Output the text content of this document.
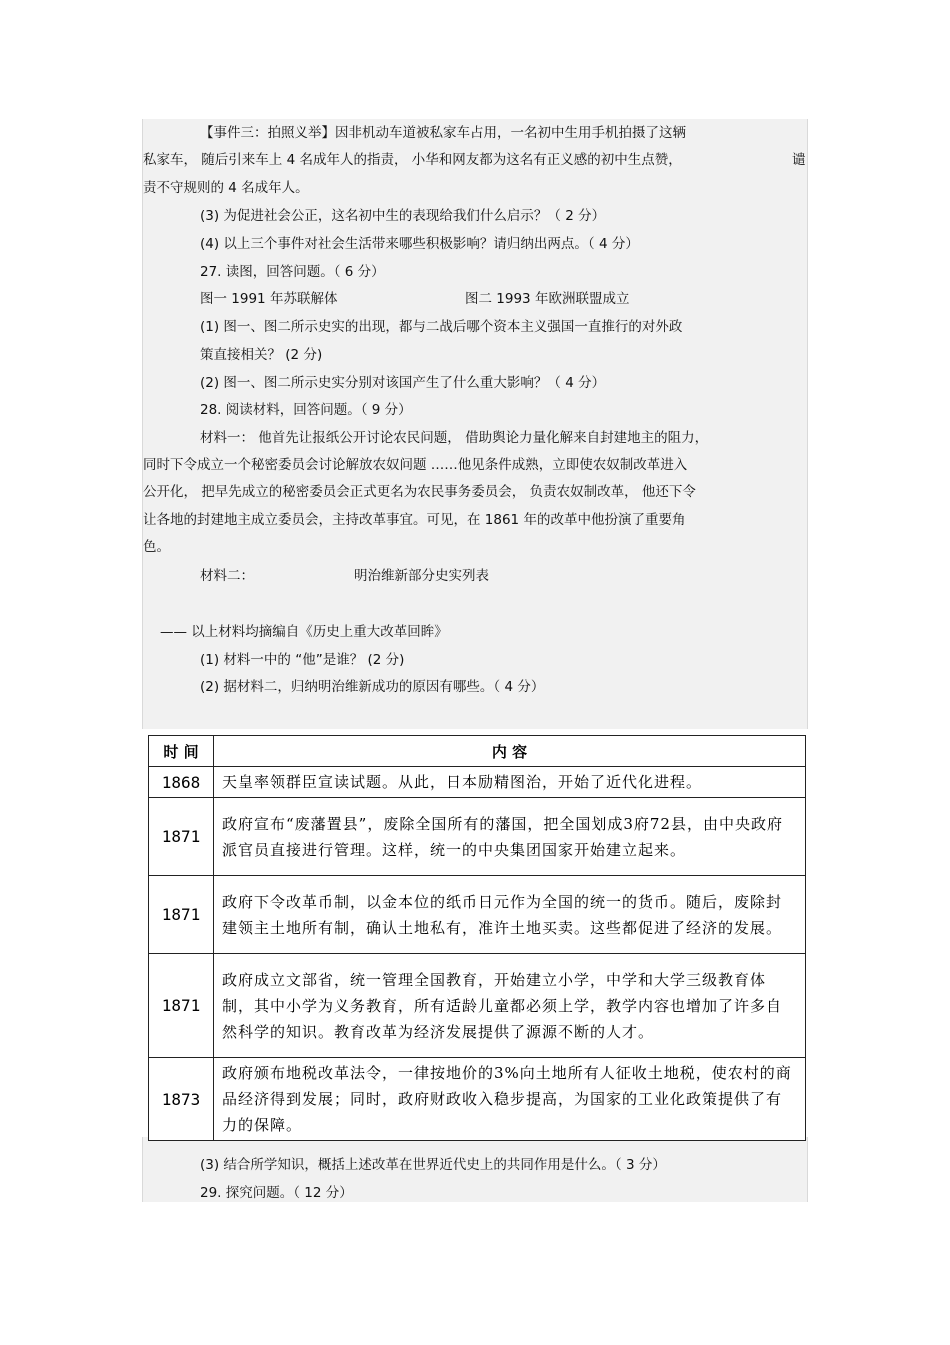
【事件三：拍照义举】因非机动车道被私家车占用，一名初中生用手机拍摄了这辆
私家车， 随后引来车上 4 名成年人的指责， 小华和网友都为这名有正义感的初中生点赞，	谴
责不守规则的 4 名成年人。
(3) 为促进社会公正，这名初中生的表现给我们什么启示？（ 2 分）
(4) 以上三个事件对社会生活带来哪些积极影响？请归纳出两点。（ 4 分）
27. 读图，回答问题。（ 6 分）
图一 1991 年苏联解体	图二 1993 年欧洲联盟成立
(1) 图一、图二所示史实的出现，都与二战后哪个资本主义强国一直推行的对外政
策直接相关？ (2 分)
(2) 图一、图二所示史实分别对该国产生了什么重大影响？（ 4 分）
28. 阅读材料，回答问题。（ 9 分）
材料一： 他首先让报纸公开讨论农民问题， 借助舆论力量化解来自封建地主的阻力，
同时下令成立一个秘密委员会讨论解放农奴问题 ……他见条件成熟，立即使农奴制改革进入
公开化， 把早先成立的秘密委员会正式更名为农民事务委员会， 负责农奴制改革， 他还下令
让各地的封建地主成立委员会，主持改革事宜。可见，在 1861 年的改革中他扮演了重要角
色。
材料二：	明治维新部分史实列表
—— 以上材料均摘编自《历史上重大改革回眸》
(1) 材料一中的 “他”是谁？ (2 分)
(2) 据材料二，归纳明治维新成功的原因有哪些。（ 4 分）
时 间	内 容
1868	天皇率领群臣宣读试题。从此，日本励精图治，开始了近代化进程。
1871	政府宣布“废藩置县”，废除全国所有的藩国，把全国划成3府72县，由中央政府派官员直接进行管理。这样，统一的中央集团国家开始建立起来。
1871	政府下令改革币制，以金本位的纸币日元作为全国的统一的货币。随后，废除封建领主土地所有制，确认土地私有，准许土地买卖。这些都促进了经济的发展。
1871	政府成立文部省，统一管理全国教育，开始建立小学，中学和大学三级教育体制，其中小学为义务教育，所有适龄儿童都必须上学，教学内容也增加了许多自然科学的知识。教育改革为经济发展提供了源源不断的人才。
1873	政府颁布地税改革法令，一律按地价的3%向土地所有人征收土地税，使农村的商品经济得到发展；同时，政府财政收入稳步提高，为国家的工业化政策提供了有力的保障。
(3) 结合所学知识，概括上述改革在世界近代史上的共同作用是什么。（ 3 分）
29. 探究问题。（ 12 分）
